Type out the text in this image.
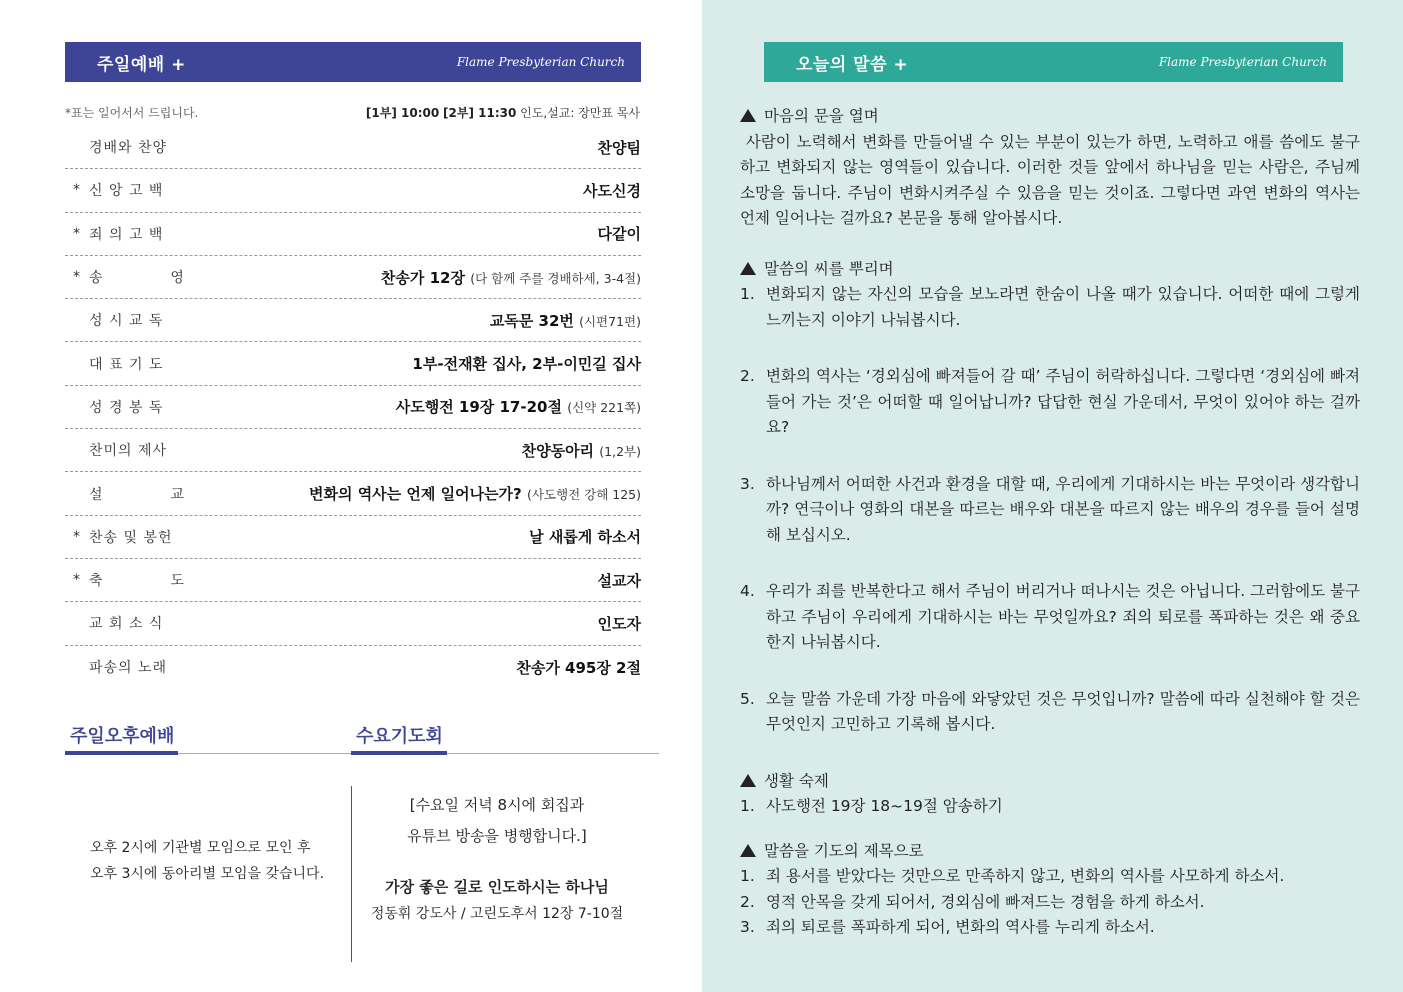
주일예배 +	Flame Presbyterian Church
*표는 일어서서 드립니다.	[1부] 10:00 [2부] 11:30 인도,설교: 장만표 목사
경배와 찬양	찬양팀
* 신 앙 고 백	사도신경
* 죄 의 고 백	다같이
* 송 　 　 　 영	찬송가 12장 (다 함께 주를 경배하세, 3-4절)
성 시 교 독	교독문 32번 (시편71편)
대 표 기 도	1부-전재환 집사, 2부-이민길 집사
성 경 봉 독	사도행전 19장 17-20절 (신약 221쪽)
찬미의 제사	찬양동아리 (1,2부)
설 　 　 　 교	변화의 역사는 언제 일어나는가? (사도행전 강해 125)
* 찬송 및 봉헌	날 새롭게 하소서
* 축 　 　 　 도	설교자
교 회 소 식	인도자
파송의 노래	찬송가 495장 2절
주일오후예배	수요기도회
오후 2시에 기관별 모임으로 모인 후
오후 3시에 동아리별 모임을 갖습니다.
[수요일 저녁 8시에 회집과
유튜브 방송을 병행합니다.]
가장 좋은 길로 인도하시는 하나님
정동휘 강도사 / 고린도후서 12장 7-10절
오늘의 말씀 +	Flame Presbyterian Church

마음의 문을 열며

사람이 노력해서 변화를 만들어낼 수 있는 부분이 있는가 하면, 노력하고 애를 씀에도 불구하고 변화되지 않는 영역들이 있습니다. 이러한 것들 앞에서 하나님을 믿는 사람은, 주님께 소망을 둡니다. 주님이 변화시켜주실 수 있음을 믿는 것이죠. 그렇다면 과연 변화의 역사는 언제 일어나는 걸까요? 본문을 통해 알아봅시다.

말씀의 씨를 뿌리며

1. 변화되지 않는 자신의 모습을 보노라면 한숨이 나올 때가 있습니다. 어떠한 때에 그렇게 느끼는지 이야기 나눠봅시다.
2. 변화의 역사는 ‘경외심에 빠져들어 갈 때’ 주님이 허락하십니다. 그렇다면 ‘경외심에 빠져들어 가는 것’은 어떠할 때 일어납니까? 답답한 현실 가운데서, 무엇이 있어야 하는 걸까요?
3. 하나님께서 어떠한 사건과 환경을 대할 때, 우리에게 기대하시는 바는 무엇이라 생각합니까? 연극이나 영화의 대본을 따르는 배우와 대본을 따르지 않는 배우의 경우를 들어 설명해 보십시오.
4. 우리가 죄를 반복한다고 해서 주님이 버리거나 떠나시는 것은 아닙니다. 그러함에도 불구하고 주님이 우리에게 기대하시는 바는 무엇일까요? 죄의 퇴로를 폭파하는 것은 왜 중요한지 나눠봅시다.
5. 오늘 말씀 가운데 가장 마음에 와닿았던 것은 무엇입니까? 말씀에 따라 실천해야 할 것은 무엇인지 고민하고 기록해 봅시다.

생활 숙제

1. 사도행전 19장 18~19절 암송하기

말씀을 기도의 제목으로

1. 죄 용서를 받았다는 것만으로 만족하지 않고, 변화의 역사를 사모하게 하소서.
2. 영적 안목을 갖게 되어서, 경외심에 빠져드는 경험을 하게 하소서.
3. 죄의 퇴로를 폭파하게 되어, 변화의 역사를 누리게 하소서.
